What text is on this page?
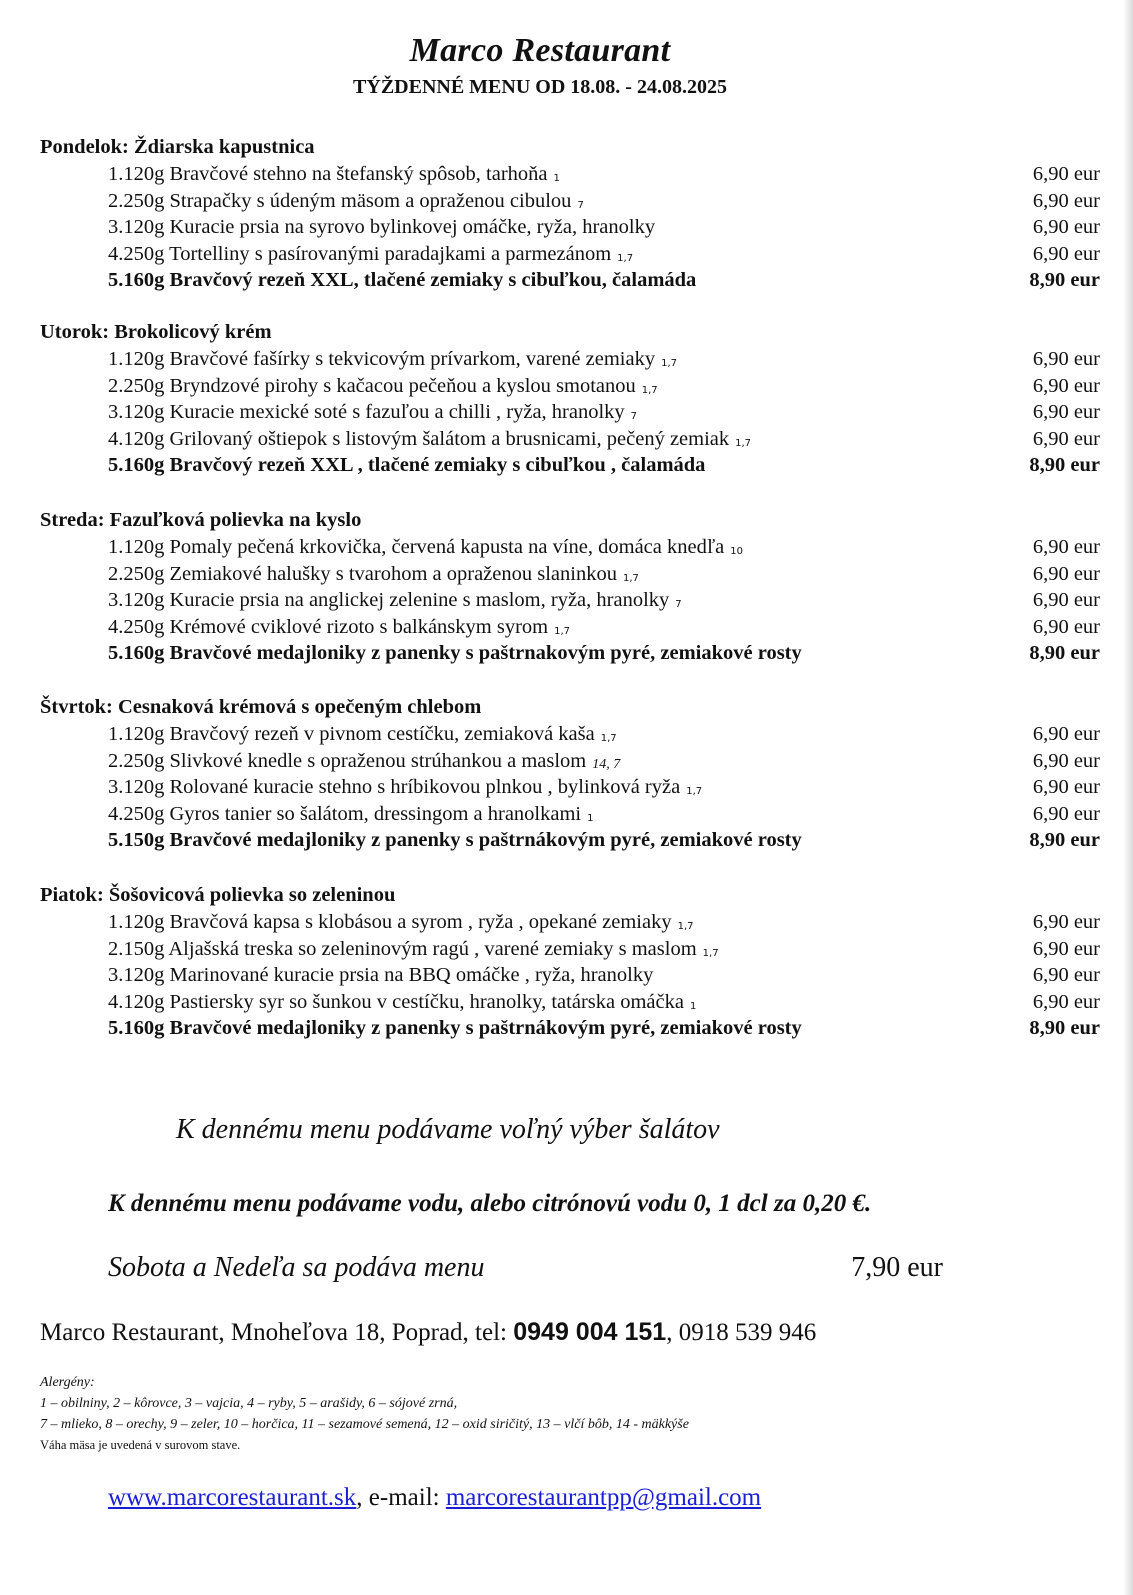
Marco Restaurant
TÝŽDENNÉ MENU OD 18.08. - 24.08.2025
Pondelok: Ždiarska kapustnica
1.120g Bravčové stehno na štefanský spôsob, tarhoňa 1	6,90 eur
2.250g Strapačky s údeným mäsom a opraženou cibulou 7	6,90 eur
3.120g Kuracie prsia na syrovo bylinkovej omáčke, ryža, hranolky	6,90 eur
4.250g Tortelliny s pasírovanými paradajkami a parmezánom 1,7	6,90 eur
5.160g Bravčový rezeň XXL, tlačené zemiaky s cibuľkou, čalamáda	8,90 eur
Utorok: Brokolicový krém
1.120g Bravčové fašírky s tekvicovým prívarkom, varené zemiaky 1,7	6,90 eur
2.250g Bryndzové pirohy s kačacou pečeňou a kyslou smotanou 1,7	6,90 eur
3.120g Kuracie mexické soté s fazuľou a chilli , ryža, hranolky 7	6,90 eur
4.120g Grilovaný oštiepok s listovým šalátom a brusnicami, pečený zemiak 1,7	6,90 eur
5.160g Bravčový rezeň XXL , tlačené zemiaky s cibuľkou , čalamáda	8,90 eur
Streda: Fazuľková polievka na kyslo
1.120g Pomaly pečená krkovička, červená kapusta na víne, domáca knedľa 10	6,90 eur
2.250g Zemiakové halušky s tvarohom a opraženou slaninkou 1,7	6,90 eur
3.120g Kuracie prsia na anglickej zelenine s maslom, ryža, hranolky 7	6,90 eur
4.250g Krémové cviklové rizoto s balkánskym syrom 1,7	6,90 eur
5.160g Bravčové medajloniky z panenky s paštrnakovým pyré, zemiakové rosty	8,90 eur
Štvrtok: Cesnaková krémová s opečeným chlebom
1.120g Bravčový rezeň v pivnom cestíčku, zemiaková kaša 1,7	6,90 eur
2.250g Slivkové knedle s opraženou strúhankou a maslom 14, 7	6,90 eur
3.120g Rolované kuracie stehno s hríbikovou plnkou , bylinková ryža 1,7	6,90 eur
4.250g Gyros tanier so šalátom, dressingom a hranolkami 1	6,90 eur
5.150g Bravčové medajloniky z panenky s paštrnákovým pyré, zemiakové rosty	8,90 eur
Piatok: Šošovicová polievka so zeleninou
1.120g Bravčová kapsa s klobásou a syrom , ryža , opekané zemiaky 1,7	6,90 eur
2.150g Aljašská treska so zeleninovým ragú , varené zemiaky s maslom 1,7	6,90 eur
3.120g Marinované kuracie prsia na BBQ omáčke , ryža, hranolky	6,90 eur
4.120g Pastiersky syr so šunkou v cestíčku, hranolky, tatárska omáčka 1	6,90 eur
5.160g Bravčové medajloniky z panenky s paštrnákovým pyré, zemiakové rosty	8,90 eur
K dennému menu podávame voľný výber šalátov
K dennému menu podávame vodu, alebo citrónovú vodu 0, 1 dcl za 0,20 €.
Sobota a Nedeľa sa podáva menu	7,90 eur
Marco Restaurant, Mnoheľova 18, Poprad, tel: 0949 004 151, 0918 539 946
Alergény:
1 – obilniny, 2 – kôrovce, 3 – vajcia, 4 – ryby, 5 – arašidy, 6 – sójové zrná,
7 – mlieko, 8 – orechy, 9 – zeler, 10 – horčica, 11 – sezamové semená, 12 – oxid siričitý, 13 – vlčí bôb, 14 - mäkkýše
Váha mäsa je uvedená v surovom stave.
www.marcorestaurant.sk, e-mail: marcorestaurantpp@gmail.com
